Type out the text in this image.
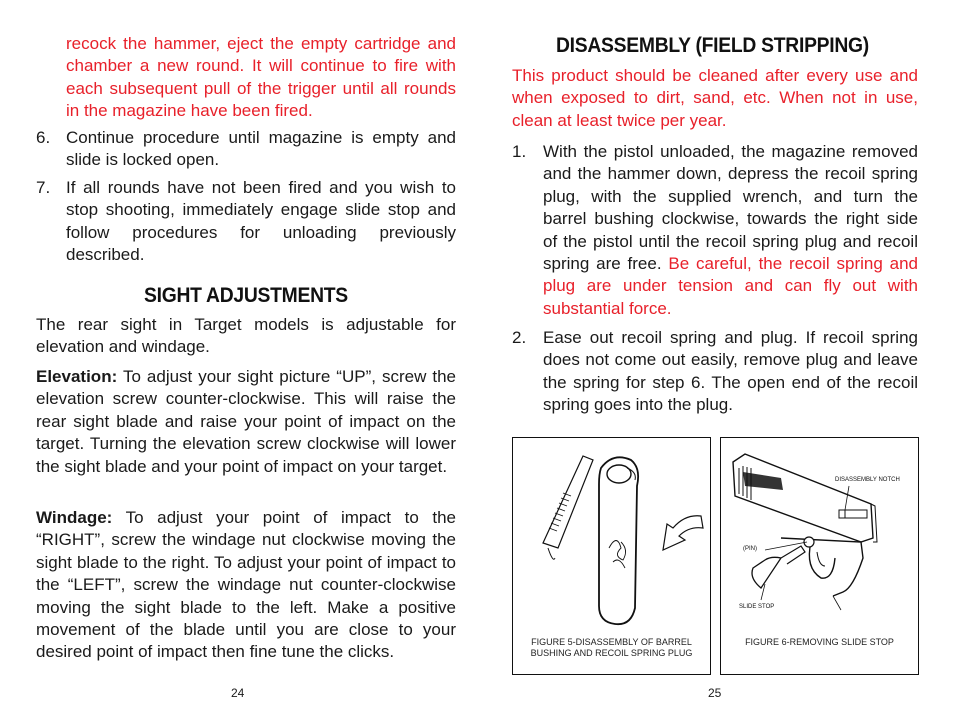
recock the hammer, eject the empty cartridge and chamber a new round. It will continue to fire with each subsequent pull of the trigger until all rounds in the magazine have been fired.

6. Continue procedure until magazine is empty and slide is locked open.

7. If all rounds have not been fired and you wish to stop shooting, immediately engage slide stop and follow procedures for unloading previously described.

SIGHT ADJUSTMENTS

The rear sight in Target models is adjustable for elevation and windage.

Elevation: To adjust your sight picture “UP”, screw the elevation screw counter-clockwise. This will raise the rear sight blade and raise your point of impact on the target. Turning the elevation screw clockwise will lower the sight blade and your point of impact on your target.

Windage: To adjust your point of impact to the “RIGHT”, screw the windage nut clockwise moving the sight blade to the right. To adjust your point of impact to the “LEFT”, screw the windage nut counter-clockwise moving the sight blade to the left. Make a positive movement of the blade until you are close to your desired point of impact then fine tune the clicks.

24
DISASSEMBLY (FIELD STRIPPING)

This product should be cleaned after every use and when exposed to dirt, sand, etc. When not in use, clean at least twice per year.

1. With the pistol unloaded, the magazine removed and the hammer down, depress the recoil spring plug, with the supplied wrench, and turn the barrel bushing clockwise, towards the right side of the pistol until the recoil spring plug and recoil spring are free. Be careful, the recoil spring and plug are under tension and can fly out with substantial force.

2. Ease out recoil spring and plug. If recoil spring does not come out easily, remove plug and leave the spring for step 6. The open end of the recoil spring goes into the plug.

25
FIGURE 5-DISASSEMBLY OF BARREL
BUSHING AND RECOIL SPRING PLUG
DISASSEMBLY NOTCH
(PIN)
SLIDE STOP
FIGURE 6-REMOVING SLIDE STOP
